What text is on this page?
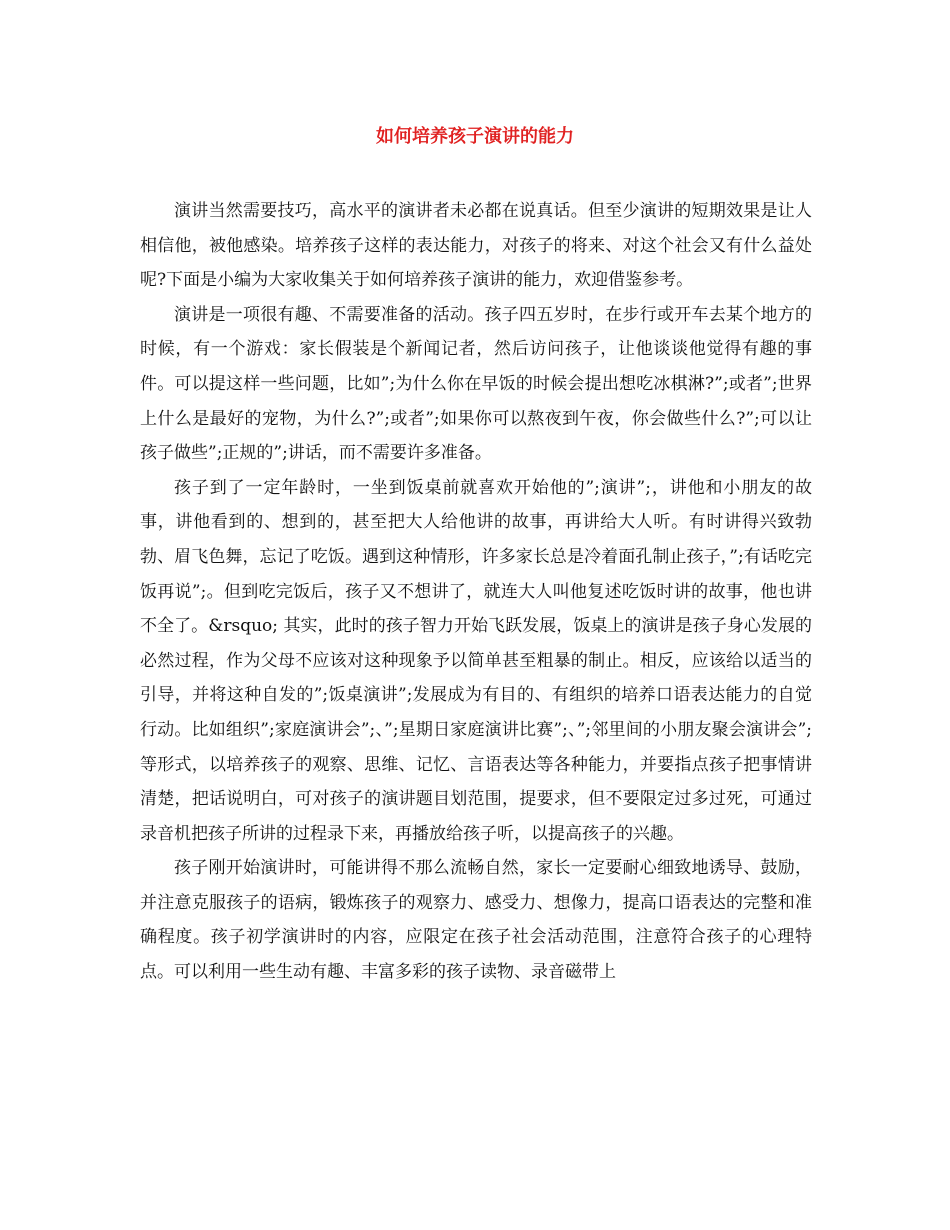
如何培养孩子演讲的能力

演讲当然需要技巧，高水平的演讲者未必都在说真话。但至少演讲的短期效果是让人相信他，被他感染。培养孩子这样的表达能力，对孩子的将来、对这个社会又有什么益处呢?下面是小编为大家收集关于如何培养孩子演讲的能力，欢迎借鉴参考。

演讲是一项很有趣、不需要准备的活动。孩子四五岁时，在步行或开车去某个地方的时候，有一个游戏：家长假装是个新闻记者，然后访问孩子，让他谈谈他觉得有趣的事件。可以提这样一些问题，比如”;为什么你在早饭的时候会提出想吃冰棋淋?”;或者”;世界上什么是最好的宠物，为什么?”;或者”;如果你可以熬夜到午夜，你会做些什么?”;可以让孩子做些”;正规的”;讲话，而不需要许多准备。

孩子到了一定年龄时，一坐到饭桌前就喜欢开始他的”;演讲”;，讲他和小朋友的故事，讲他看到的、想到的，甚至把大人给他讲的故事，再讲给大人听。有时讲得兴致勃勃、眉飞色舞，忘记了吃饭。遇到这种情形，许多家长总是冷着面孔制止孩子，”;有话吃完饭再说”;。但到吃完饭后，孩子又不想讲了，就连大人叫他复述吃饭时讲的故事，他也讲不全了。&rsquo; 其实，此时的孩子智力开始飞跃发展，饭桌上的演讲是孩子身心发展的必然过程，作为父母不应该对这种现象予以简单甚至粗暴的制止。相反，应该给以适当的引导，并将这种自发的”;饭桌演讲”;发展成为有目的、有组织的培养口语表达能力的自觉行动。比如组织”;家庭演讲会”;、”;星期日家庭演讲比赛”;、”;邻里间的小朋友聚会演讲会”;等形式，以培养孩子的观察、思维、记忆、言语表达等各种能力，并要指点孩子把事情讲清楚，把话说明白，可对孩子的演讲题目划范围，提要求，但不要限定过多过死，可通过录音机把孩子所讲的过程录下来，再播放给孩子听，以提高孩子的兴趣。

孩子刚开始演讲时，可能讲得不那么流畅自然，家长一定要耐心细致地诱导、鼓励，并注意克服孩子的语病，锻炼孩子的观察力、感受力、想像力，提高口语表达的完整和准确程度。孩子初学演讲时的内容，应限定在孩子社会活动范围，注意符合孩子的心理特点。可以利用一些生动有趣、丰富多彩的孩子读物、录音磁带上
